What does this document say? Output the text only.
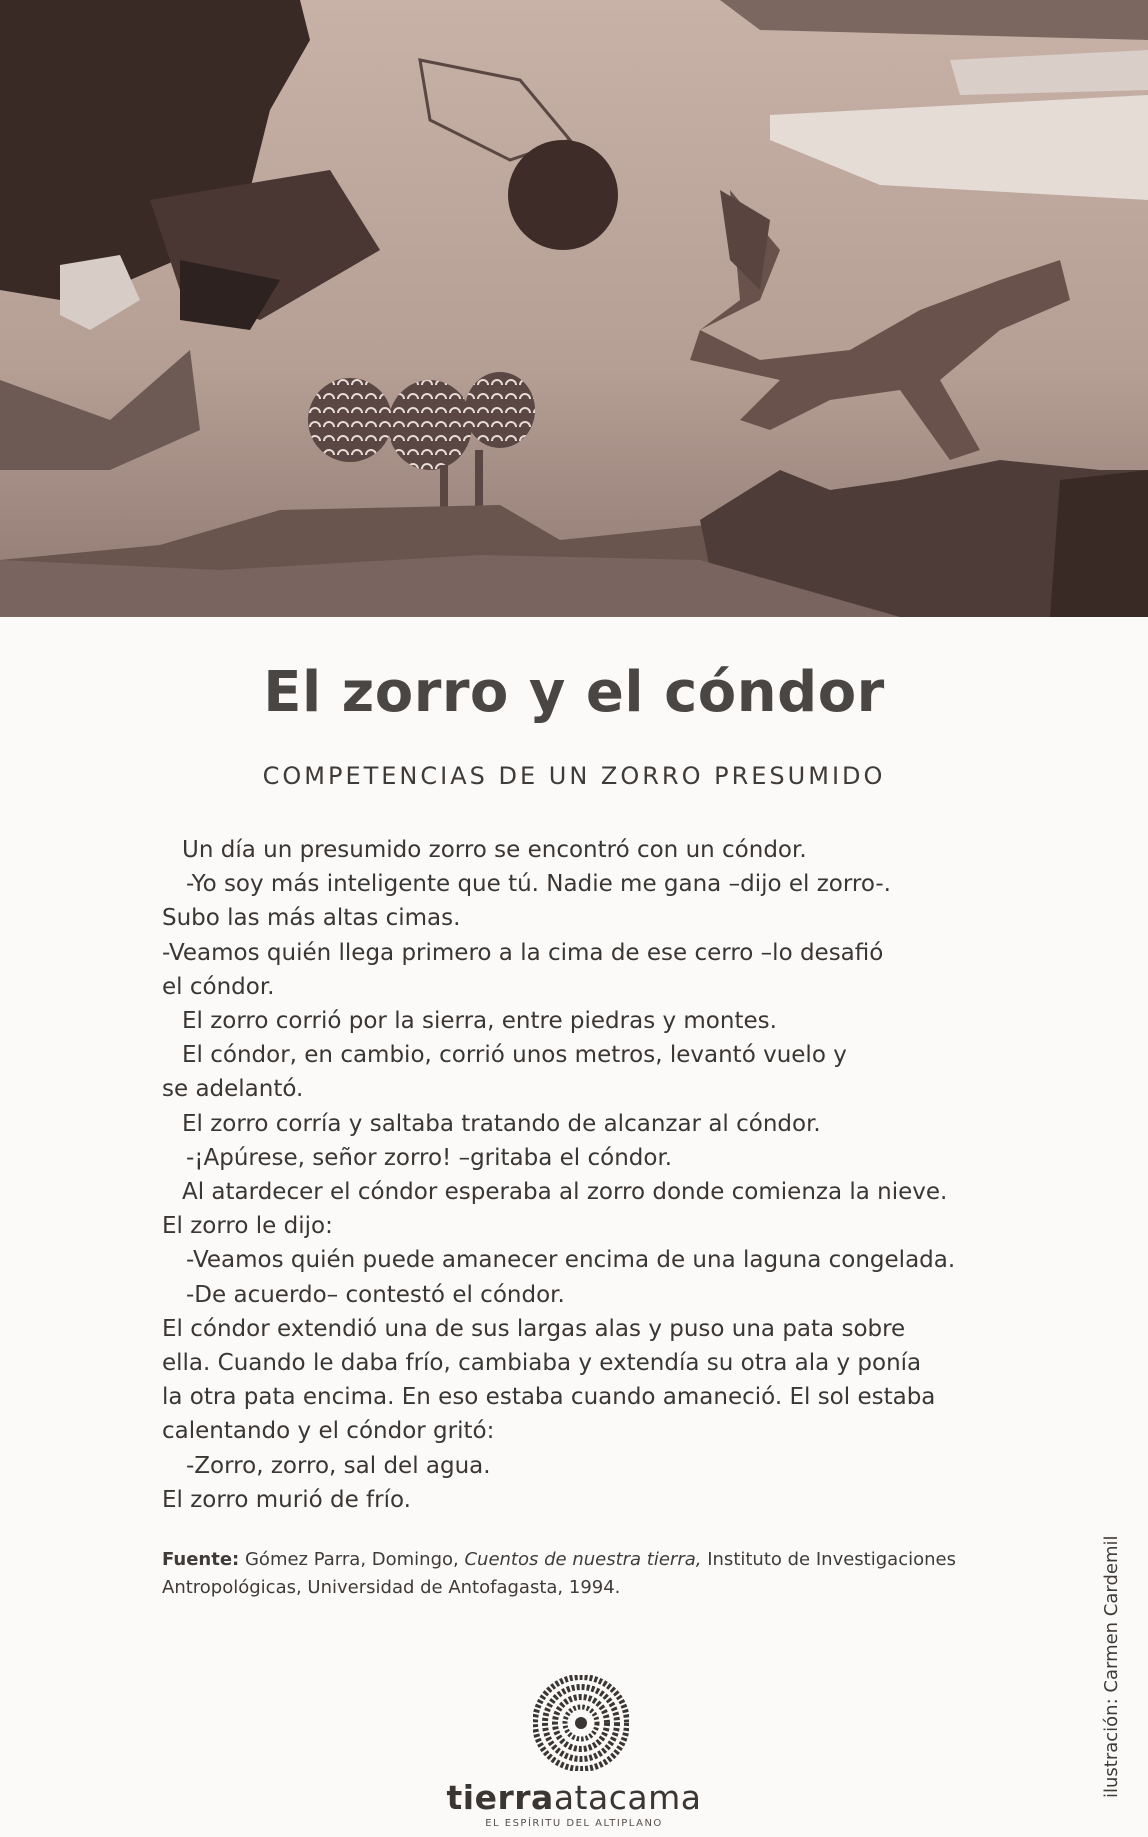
El zorro y el cóndor
COMPETENCIAS DE UN ZORRO PRESUMIDO
Un día un presumido zorro se encontró con un cóndor.
-Yo soy más inteligente que tú. Nadie me gana –dijo el zorro-.
Subo las más altas cimas.
-Veamos quién llega primero a la cima de ese cerro –lo desafió
el cóndor.
El zorro corrió por la sierra, entre piedras y montes.
El cóndor, en cambio, corrió unos metros, levantó vuelo y
se adelantó.
El zorro corría y saltaba tratando de alcanzar al cóndor.
-¡Apúrese, señor zorro! –gritaba el cóndor.
Al atardecer el cóndor esperaba al zorro donde comienza la nieve.
El zorro le dijo:
-Veamos quién puede amanecer encima de una laguna congelada.
-De acuerdo– contestó el cóndor.
El cóndor extendió una de sus largas alas y puso una pata sobre
ella. Cuando le daba frío, cambiaba y extendía su otra ala y ponía
la otra pata encima. En eso estaba cuando amaneció. El sol estaba
calentando y el cóndor gritó:
-Zorro, zorro, sal del agua.
El zorro murió de frío.
Fuente: Gómez Parra, Domingo, Cuentos de nuestra tierra, Instituto de Investigaciones
Antropológicas, Universidad de Antofagasta, 1994.	ilustración: Carmen Cardemil
tierraatacama
EL ESPÍRITU DEL ALTIPLANO
